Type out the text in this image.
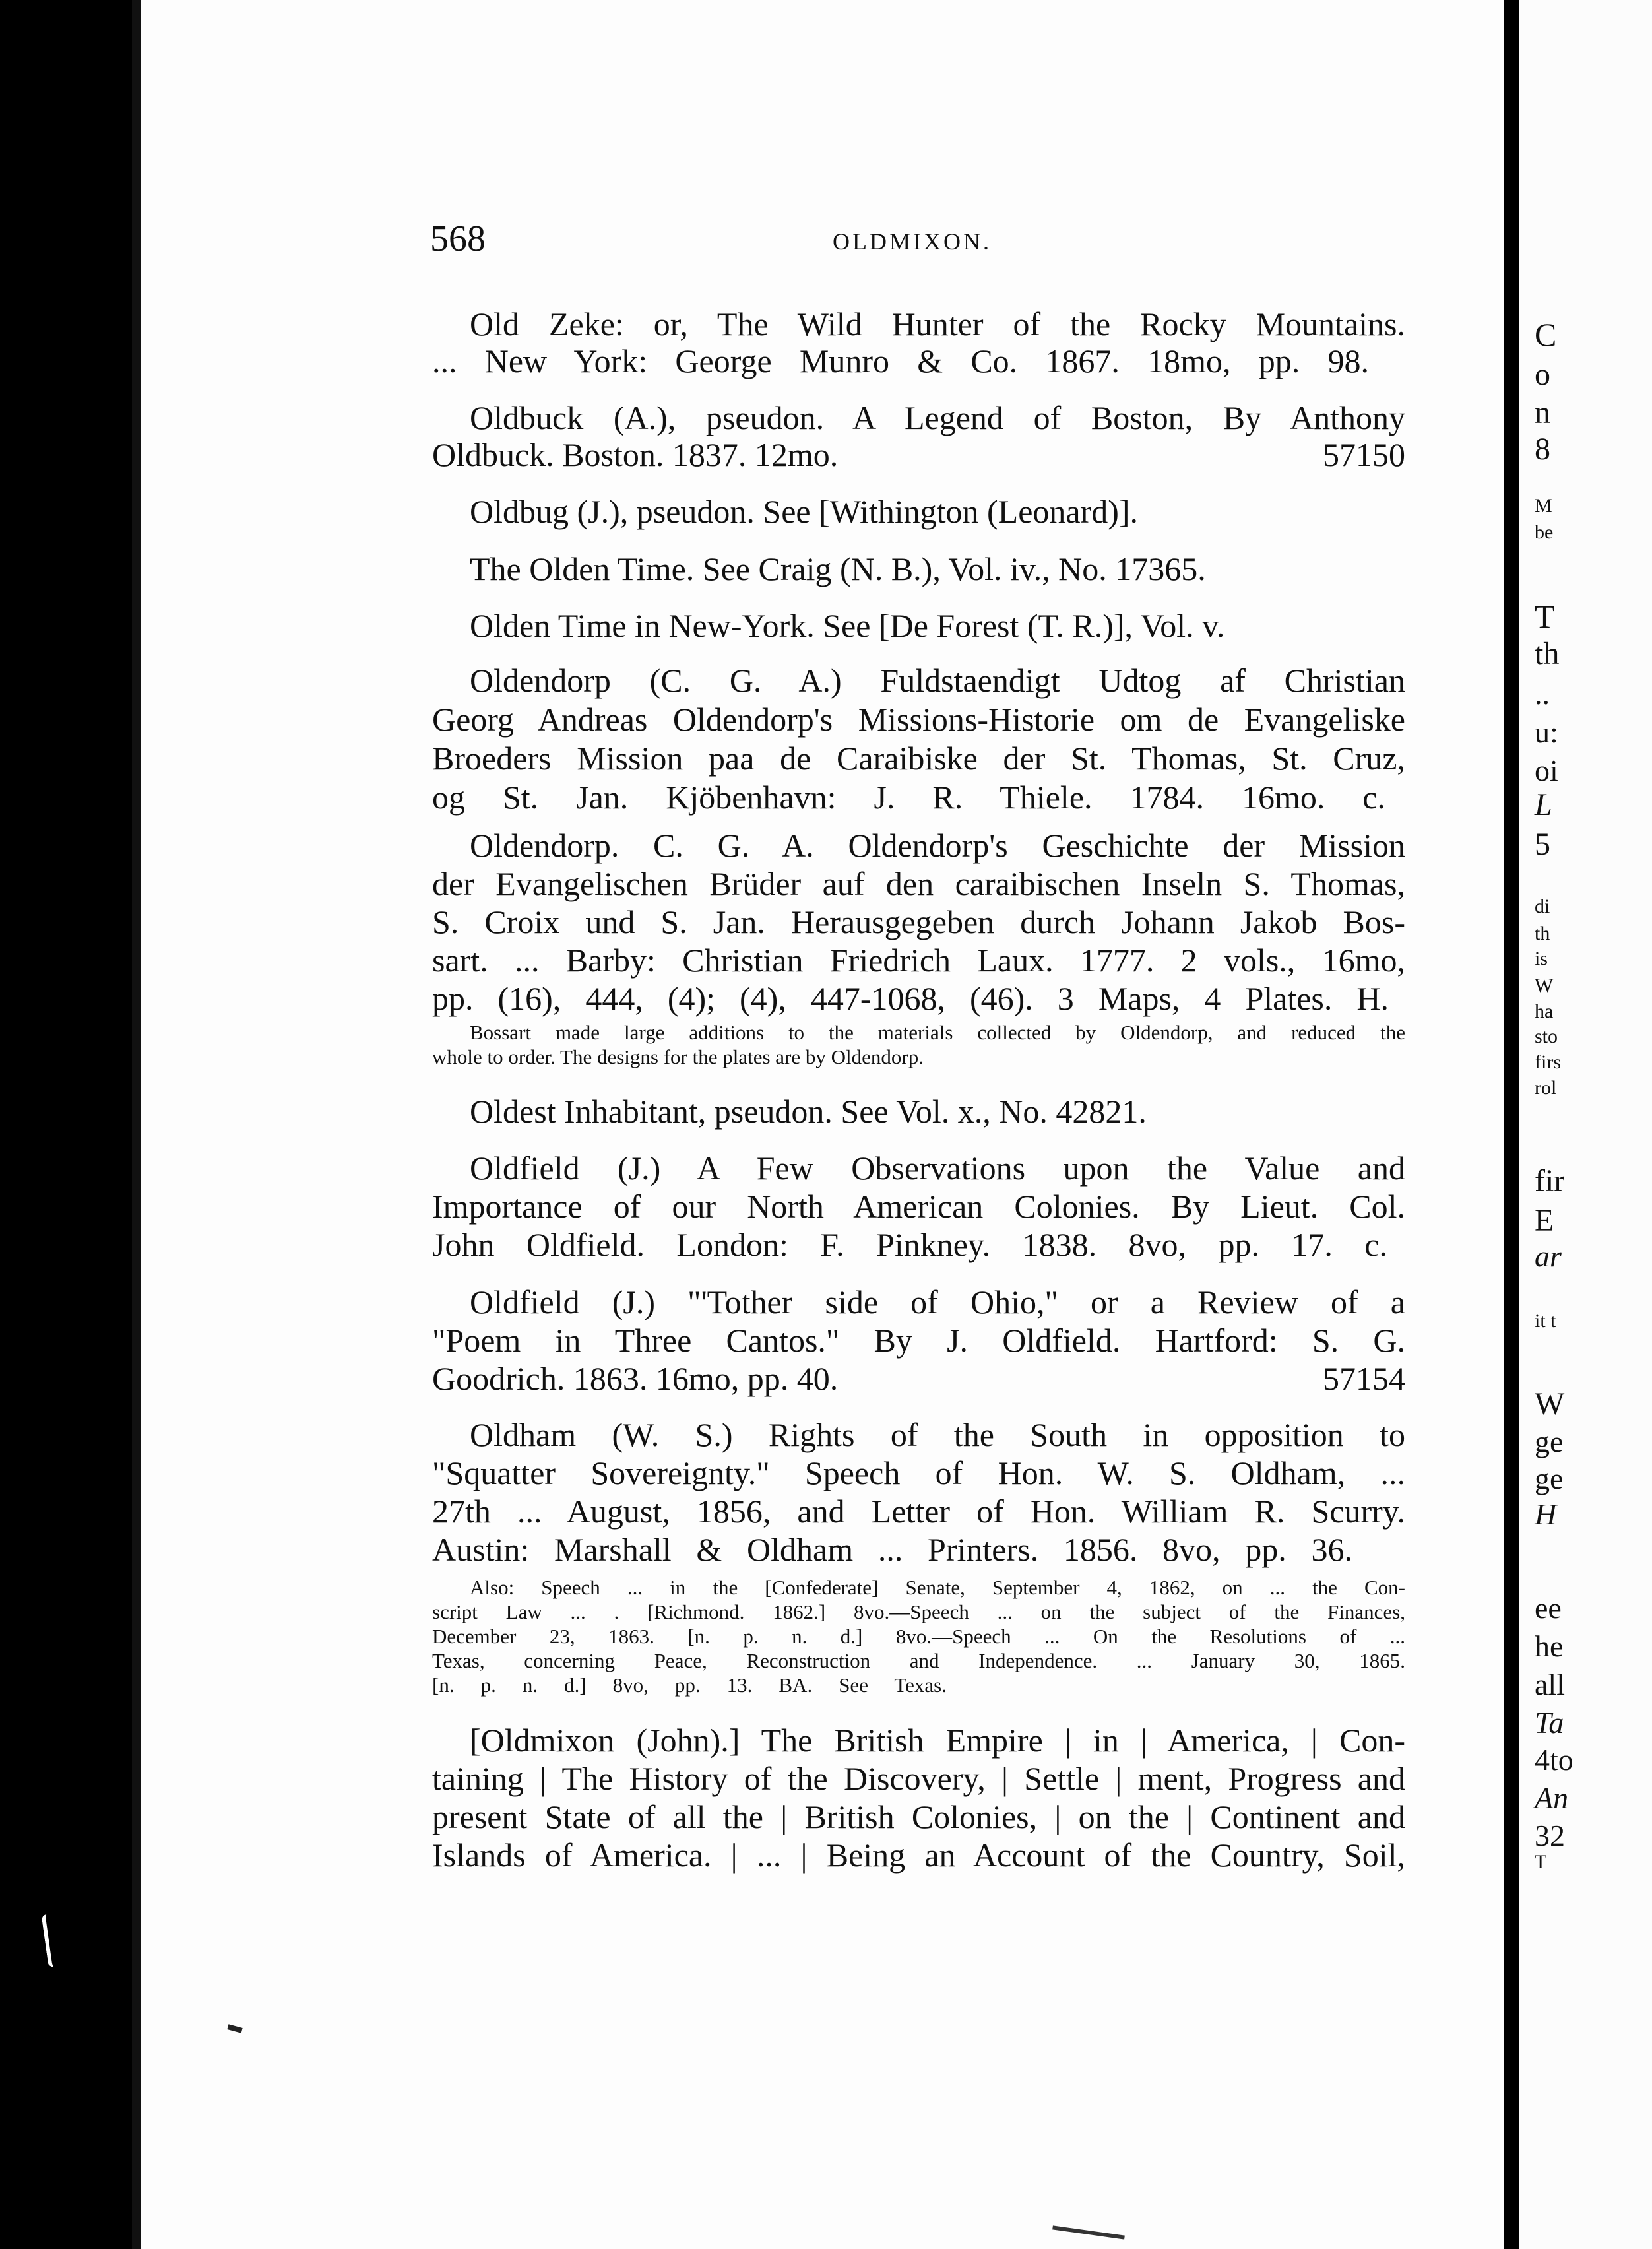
568	OLDMIXON.
Old Zeke: or, The Wild Hunter of the Rocky Mountains.
... New York: George Munro & Co. 1867. 18mo, pp. 98.
Oldbuck (A.), pseudon. A Legend of Boston, By Anthony
Oldbuck. Boston. 1837. 12mo.	57150
Oldbug (J.), pseudon. See [Withington (Leonard)].
The Olden Time. See Craig (N. B.), Vol. iv., No. 17365.
Olden Time in New-York. See [De Forest (T. R.)], Vol. v.
Oldendorp (C. G. A.) Fuldstaendigt Udtog af Christian
Georg Andreas Oldendorp's Missions-Historie om de Evangeliske
Broeders Mission paa de Caraibiske der St. Thomas, St. Cruz,
og St. Jan. Kjöbenhavn: J. R. Thiele. 1784. 16mo. c.
Oldendorp. C. G. A. Oldendorp's Geschichte der Mission
der Evangelischen Brüder auf den caraibischen Inseln S. Thomas,
S. Croix und S. Jan. Herausgegeben durch Johann Jakob Bos-
sart. ... Barby: Christian Friedrich Laux. 1777. 2 vols., 16mo,
pp. (16), 444, (4); (4), 447-1068, (46). 3 Maps, 4 Plates. H.
Bossart made large additions to the materials collected by Oldendorp, and reduced the
whole to order. The designs for the plates are by Oldendorp.
Oldest Inhabitant, pseudon. See Vol. x., No. 42821.
Oldfield (J.) A Few Observations upon the Value and
Importance of our North American Colonies. By Lieut. Col.
John Oldfield. London: F. Pinkney. 1838. 8vo, pp. 17. c.
Oldfield (J.) "'Tother side of Ohio," or a Review of a
"Poem in Three Cantos." By J. Oldfield. Hartford: S. G.
Goodrich. 1863. 16mo, pp. 40.	57154
Oldham (W. S.) Rights of the South in opposition to
"Squatter Sovereignty." Speech of Hon. W. S. Oldham, ...
27th ... August, 1856, and Letter of Hon. William R. Scurry.
Austin: Marshall & Oldham ... Printers. 1856. 8vo, pp. 36.
Also: Speech ... in the [Confederate] Senate, September 4, 1862, on ... the Con-
script Law ... . [Richmond. 1862.] 8vo.—Speech ... on the subject of the Finances,
December 23, 1863. [n. p. n. d.] 8vo.—Speech ... On the Resolutions of ...
Texas, concerning Peace, Reconstruction and Independence. ... January 30, 1865.
[n. p. n. d.] 8vo, pp. 13. BA. See Texas.
[Oldmixon (John).] The British Empire | in | America, | Con-
taining | The History of the Discovery, | Settle | ment, Progress and
present State of all the | British Colonies, | on the | Continent and
Islands of America. | ... | Being an Account of the Country, Soil,
C
o
n
8
M
be
T
th
..
u:
oi
L
5
di
th
is
W
ha
sto
firs
rol
fir
E
ar
it t
W
ge
ge
H
ee
he
all
Ta
4to
An
32
T
